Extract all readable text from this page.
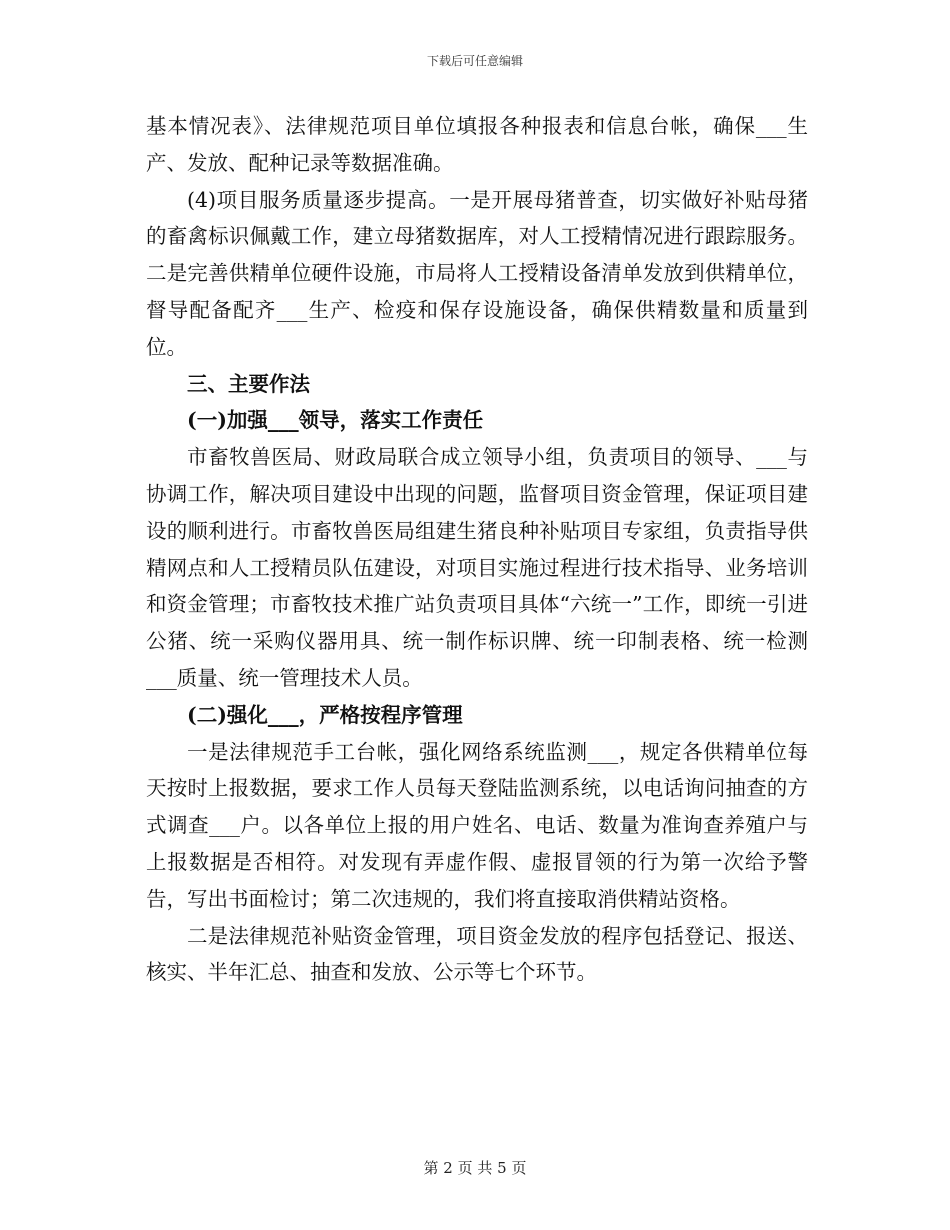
下载后可任意编辑

基本情况表》、法律规范项目单位填报各种报表和信息台帐，确保___生产、发放、配种记录等数据准确。

(4)项目服务质量逐步提高。一是开展母猪普查，切实做好补贴母猪的畜禽标识佩戴工作，建立母猪数据库，对人工授精情况进行跟踪服务。二是完善供精单位硬件设施，市局将人工授精设备清单发放到供精单位，督导配备配齐___生产、检疫和保存设施设备，确保供精数量和质量到位。

三、主要作法

(一)加强___领导，落实工作责任

市畜牧兽医局、财政局联合成立领导小组，负责项目的领导、___与协调工作，解决项目建设中出现的问题，监督项目资金管理，保证项目建设的顺利进行。市畜牧兽医局组建生猪良种补贴项目专家组，负责指导供精网点和人工授精员队伍建设，对项目实施过程进行技术指导、业务培训和资金管理；市畜牧技术推广站负责项目具体“六统一”工作，即统一引进公猪、统一采购仪器用具、统一制作标识牌、统一印制表格、统一检测___质量、统一管理技术人员。

(二)强化___，严格按程序管理

一是法律规范手工台帐，强化网络系统监测___，规定各供精单位每天按时上报数据，要求工作人员每天登陆监测系统，以电话询问抽查的方式调查___户。以各单位上报的用户姓名、电话、数量为准询查养殖户与上报数据是否相符。对发现有弄虚作假、虚报冒领的行为第一次给予警告，写出书面检讨；第二次违规的，我们将直接取消供精站资格。

二是法律规范补贴资金管理，项目资金发放的程序包括登记、报送、核实、半年汇总、抽查和发放、公示等七个环节。

第 2 页 共 5 页
